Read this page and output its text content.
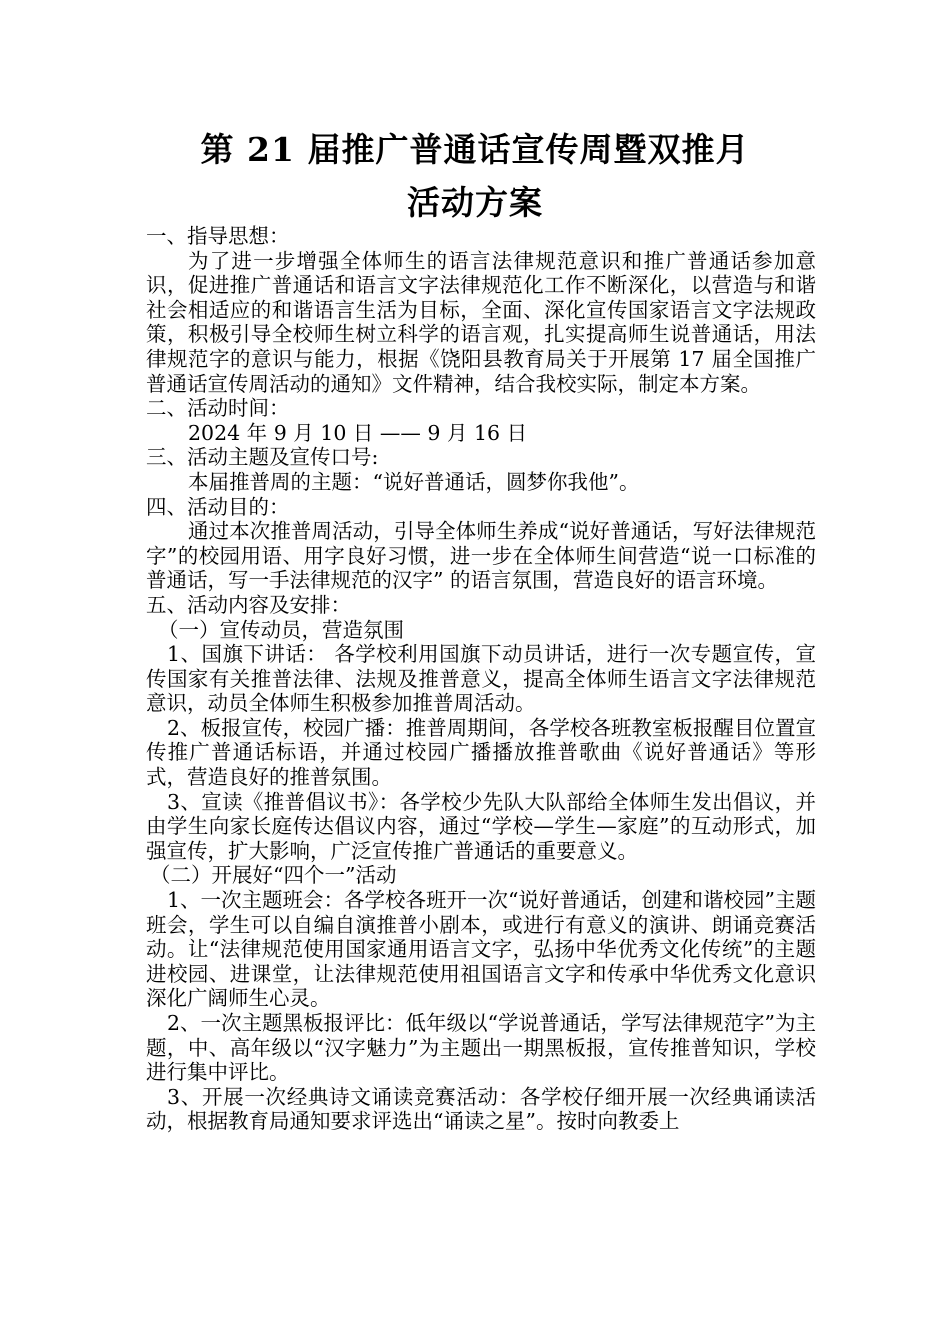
第 21 届推广普通话宣传周暨双推月
活动方案

一、指导思想：

为了进一步增强全体师生的语言法律规范意识和推广普通话参加意识，促进推广普通话和语言文字法律规范化工作不断深化，以营造与和谐社会相适应的和谐语言生活为目标，全面、深化宣传国家语言文字法规政策，积极引导全校师生树立科学的语言观，扎实提高师生说普通话，用法律规范字的意识与能力，根据《饶阳县教育局关于开展第 17 届全国推广普通话宣传周活动的通知》文件精神，结合我校实际，制定本方案。

二、活动时间：

2024 年 9 月 10 日 —— 9 月 16 日

三、活动主题及宣传口号:

本届推普周的主题：“说好普通话，圆梦你我他”。

四、活动目的：

通过本次推普周活动，引导全体师生养成“说好普通话，写好法律规范字”的校园用语、用字良好习惯，进一步在全体师生间营造“说一口标准的普通话，写一手法律规范的汉字” 的语言氛围，营造良好的语言环境。

五、活动内容及安排：

（一）宣传动员，营造氛围

1、国旗下讲话： 各学校利用国旗下动员讲话，进行一次专题宣传，宣传国家有关推普法律、法规及推普意义，提高全体师生语言文字法律规范意识，动员全体师生积极参加推普周活动。

2、板报宣传，校园广播：推普周期间，各学校各班教室板报醒目位置宣传推广普通话标语，并通过校园广播播放推普歌曲《说好普通话》等形式，营造良好的推普氛围。

3、宣读《推普倡议书》：各学校少先队大队部给全体师生发出倡议，并由学生向家长庭传达倡议内容，通过“学校—学生—家庭”的互动形式，加强宣传，扩大影响，广泛宣传推广普通话的重要意义。

（二）开展好“四个一”活动

1、一次主题班会：各学校各班开一次“说好普通话，创建和谐校园”主题班会，学生可以自编自演推普小剧本，或进行有意义的演讲、朗诵竞赛活动。让“法律规范使用国家通用语言文字，弘扬中华优秀文化传统”的主题进校园、进课堂，让法律规范使用祖国语言文字和传承中华优秀文化意识深化广阔师生心灵。

2、一次主题黑板报评比：低年级以“学说普通话，学写法律规范字”为主题，中、高年级以“汉字魅力”为主题出一期黑板报，宣传推普知识，学校进行集中评比。

3、开展一次经典诗文诵读竞赛活动：各学校仔细开展一次经典诵读活动，根据教育局通知要求评选出“诵读之星”。按时向教委上
